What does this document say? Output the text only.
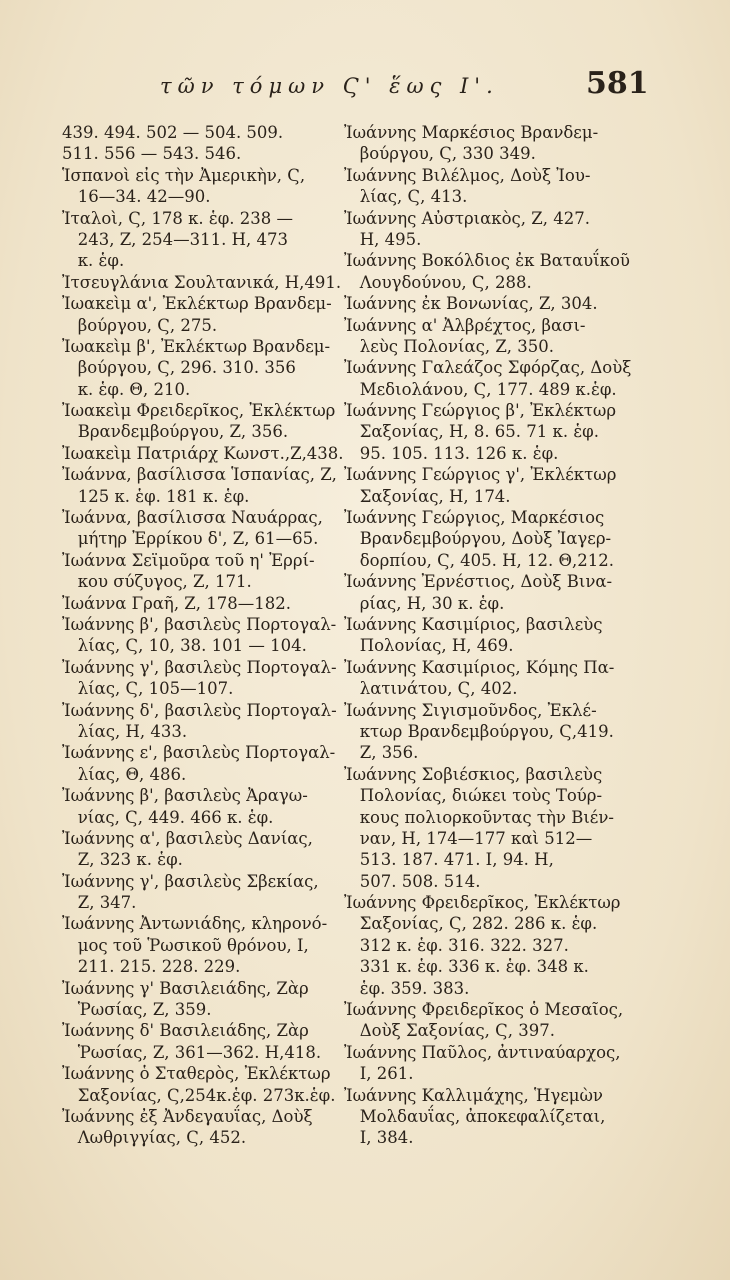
τῶν τόμων Ϛ' ἕως Ι'.	581
439. 494. 502 — 504. 509.
511. 556 — 543. 546.
Ἱσπανοὶ εἰς τὴν Ἀμερικὴν, Ϛ,
16—34. 42—90.
Ἰταλοὶ, Ϛ, 178 κ. ἑφ. 238 —
243, Ζ, 254—311. Η, 473
κ. ἑφ.
Ἰτσευγλάνια Σουλτανικά, Η,491.
Ἰωακεὶμ α', Ἐκλέκτωρ Βρανδεμ-
βούργου, Ϛ, 275.
Ἰωακεὶμ β', Ἐκλέκτωρ Βρανδεμ-
βούργου, Ϛ, 296. 310. 356
κ. ἑφ. Θ, 210.
Ἰωακεὶμ Φρειδερῖκος, Ἐκλέκτωρ
Βρανδεμβούργου, Ζ, 356.
Ἰωακεὶμ Πατριάρχ Κωνστ.,Ζ,438.
Ἰωάννα, βασίλισσα Ἱσπανίας, Ζ,
125 κ. ἑφ. 181 κ. ἑφ.
Ἰωάννα, βασίλισσα Ναυάρρας,
μήτηρ Ἐρρίκου δ', Ζ, 61—65.
Ἰωάννα Σεϊμοῦρα τοῦ η' Ἐρρί-
κου σύζυγος, Ζ, 171.
Ἰωάννα Γραῆ, Ζ, 178—182.
Ἰωάννης β', βασιλεὺς Πορτογαλ-
λίας, Ϛ, 10, 38. 101 — 104.
Ἰωάννης γ', βασιλεὺς Πορτογαλ-
λίας, Ϛ, 105—107.
Ἰωάννης δ', βασιλεὺς Πορτογαλ-
λίας, Η, 433.
Ἰωάννης ε', βασιλεὺς Πορτογαλ-
λίας, Θ, 486.
Ἰωάννης β', βασιλεὺς Ἀραγω-
νίας, Ϛ, 449. 466 κ. ἑφ.
Ἰωάννης α', βασιλεὺς Δανίας,
Ζ, 323 κ. ἑφ.
Ἰωάννης γ', βασιλεὺς Σβεκίας,
Ζ, 347.
Ἰωάννης Ἀντωνιάδης, κληρονό-
μος τοῦ Ῥωσικοῦ θρόνου, Ι,
211. 215. 228. 229.
Ἰωάννης γ' Βασιλειάδης, Ζὰρ
Ῥωσίας, Ζ, 359.
Ἰωάννης δ' Βασιλειάδης, Ζὰρ
Ῥωσίας, Ζ, 361—362. Η,418.
Ἰωάννης ὁ Σταθερὸς, Ἐκλέκτωρ
Σαξονίας, Ϛ,254κ.ἑφ. 273κ.ἑφ.
Ἰωάννης ἐξ Ἀνδεγαυΐας, Δοὺξ
Λωθριγγίας, Ϛ, 452.
Ἰωάννης Μαρκέσιος Βρανδεμ-
βούργου, Ϛ, 330 349.
Ἰωάννης Βιλέλμος, Δοὺξ Ἰου-
λίας, Ϛ, 413.
Ἰωάννης Αὐστριακὸς, Ζ, 427.
Η, 495.
Ἰωάννης Βοκόλδιος ἐκ Βαταυΐκοῦ
Λουγδούνου, Ϛ, 288.
Ἰωάννης ἐκ Βονωνίας, Ζ, 304.
Ἰωάννης α' Ἀλβρέχτος, βασι-
λεὺς Πολονίας, Ζ, 350.
Ἰωάννης Γαλεάζος Σφόρζας, Δοὺξ
Μεδιολάνου, Ϛ, 177. 489 κ.ἑφ.
Ἰωάννης Γεώργιος β', Ἐκλέκτωρ
Σαξονίας, Η, 8. 65. 71 κ. ἑφ.
95. 105. 113. 126 κ. ἑφ.
Ἰωάννης Γεώργιος γ', Ἐκλέκτωρ
Σαξονίας, Η, 174.
Ἰωάννης Γεώργιος, Μαρκέσιος
Βρανδεμβούργου, Δοὺξ Ἰαγερ-
δορπίου, Ϛ, 405. Η, 12. Θ,212.
Ἰωάννης Ἐρνέστιος, Δοὺξ Βινα-
ρίας, Η, 30 κ. ἑφ.
Ἰωάννης Κασιμίριος, βασιλεὺς
Πολονίας, Η, 469.
Ἰωάννης Κασιμίριος, Κόμης Πα-
λατινάτου, Ϛ, 402.
Ἰωάννης Σιγισμοῦνδος, Ἐκλέ-
κτωρ Βρανδεμβούργου, Ϛ,419.
Ζ, 356.
Ἰωάννης Σοβιέσκιος, βασιλεὺς
Πολονίας, διώκει τοὺς Τούρ-
κους πολιορκοῦντας τὴν Βιέν-
ναν, Η, 174—177 καὶ 512—
513. 187. 471. Ι, 94. Η,
507. 508. 514.
Ἰωάννης Φρειδερῖκος, Ἐκλέκτωρ
Σαξονίας, Ϛ, 282. 286 κ. ἑφ.
312 κ. ἑφ. 316. 322. 327.
331 κ. ἑφ. 336 κ. ἑφ. 348 κ.
ἑφ. 359. 383.
Ἰωάννης Φρειδερῖκος ὁ Μεσαῖος,
Δοὺξ Σαξονίας, Ϛ, 397.
Ἰωάννης Παῦλος, ἀντιναύαρχος,
Ι, 261.
Ἰωάννης Καλλιμάχης, Ἡγεμὼν
Μολδαυΐας, ἀποκεφαλίζεται,
Ι, 384.
